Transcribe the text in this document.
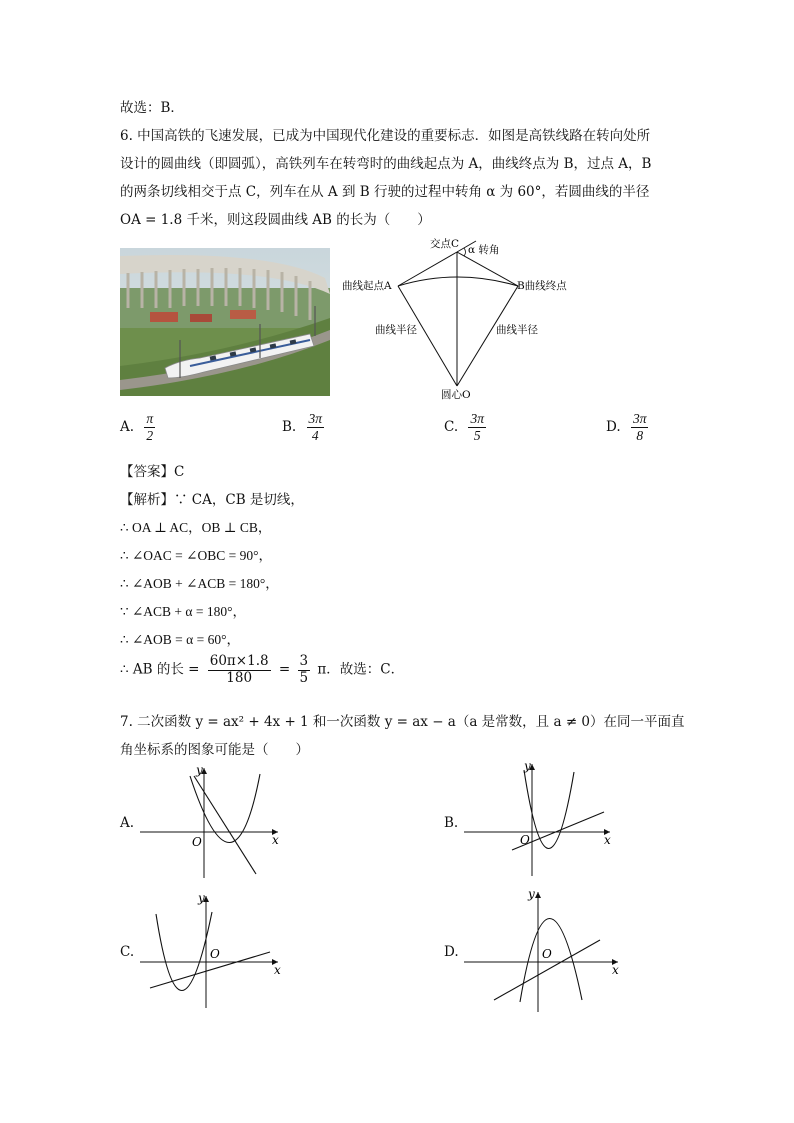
故选：B．
6. 中国高铁的飞速发展，已成为中国现代化建设的重要标志．如图是高铁线路在转向处所
设计的圆曲线（即圆弧），高铁列车在转弯时的曲线起点为 A，曲线终点为 B，过点 A，B
的两条切线相交于点 C，列车在从 A 到 B 行驶的过程中转角 α 为 60°，若圆曲线的半径
OA = 1.8 千米，则这段圆曲线 AB 的长为（　　）
交点C α 转角
曲线起点A	B曲线终点
曲线半径	曲线半径
圆心O
A. $\frac{\pi}{2}$	B. $\frac{3\pi}{4}$	C. $\frac{3\pi}{5}$	D. $\frac{3\pi}{8}$
【答案】C
【解析】∵ CA，CB 是切线，
∴ OA ⊥ AC，OB ⊥ CB，
∴ ∠OAC = ∠OBC = 90°，
∴ ∠AOB + ∠ACB = 180°，
∵ ∠ACB + α = 180°，
∴ ∠AOB = α = 60°，
∴ AB 的长 = $\frac{60\pi\times 1.8}{180} = \frac{3}{5}$ π．故选：C．
7. 二次函数 y = ax² + 4x + 1 和一次函数 y = ax − a（a 是常数，且 a ≠ 0）在同一平面直
角坐标系的图象可能是（　　）
A.
x
y
O
B.
x
y
O
C.
x
y
O	D.
x
y
O
